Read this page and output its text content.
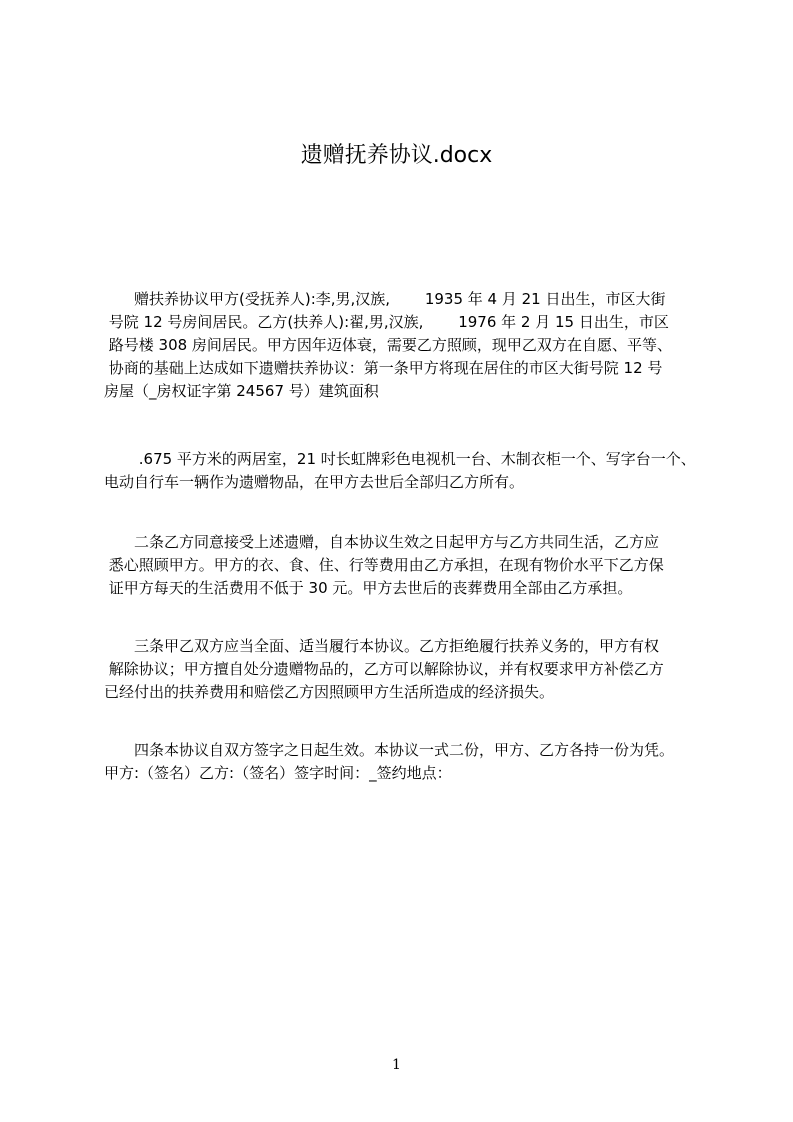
遗赠抚养协议.docx
　　赠扶养协议甲方(受抚养人):李,男,汉族,　　 1935 年 4 月 21 日出生，市区大街
号院 12 号房间居民。乙方(扶养人):翟,男,汉族,　　 1976 年 2 月 15 日出生，市区
路号楼 308 房间居民。甲方因年迈体衰，需要乙方照顾，现甲乙双方在自愿、平等、
协商的基础上达成如下遗赠扶养协议：第一条甲方将现在居住的市区大街号院 12 号
房屋（_房权证字第 24567 号）建筑面积
　　 .675 平方米的两居室，21 吋长虹牌彩色电视机一台、木制衣柜一个、写字台一个、
电动自行车一辆作为遗赠物品，在甲方去世后全部归乙方所有。
　　二条乙方同意接受上述遗赠，自本协议生效之日起甲方与乙方共同生活，乙方应
悉心照顾甲方。甲方的衣、食、住、行等费用由乙方承担，在现有物价水平下乙方保
证甲方每天的生活费用不低于 30 元。甲方去世后的丧葬费用全部由乙方承担。
　　三条甲乙双方应当全面、适当履行本协议。乙方拒绝履行扶养义务的，甲方有权
解除协议；甲方擅自处分遗赠物品的，乙方可以解除协议，并有权要求甲方补偿乙方
已经付出的扶养费用和赔偿乙方因照顾甲方生活所造成的经济损失。
　　四条本协议自双方签字之日起生效。本协议一式二份，甲方、乙方各持一份为凭。
甲方:（签名）乙方:（签名）签字时间：_签约地点：
1
